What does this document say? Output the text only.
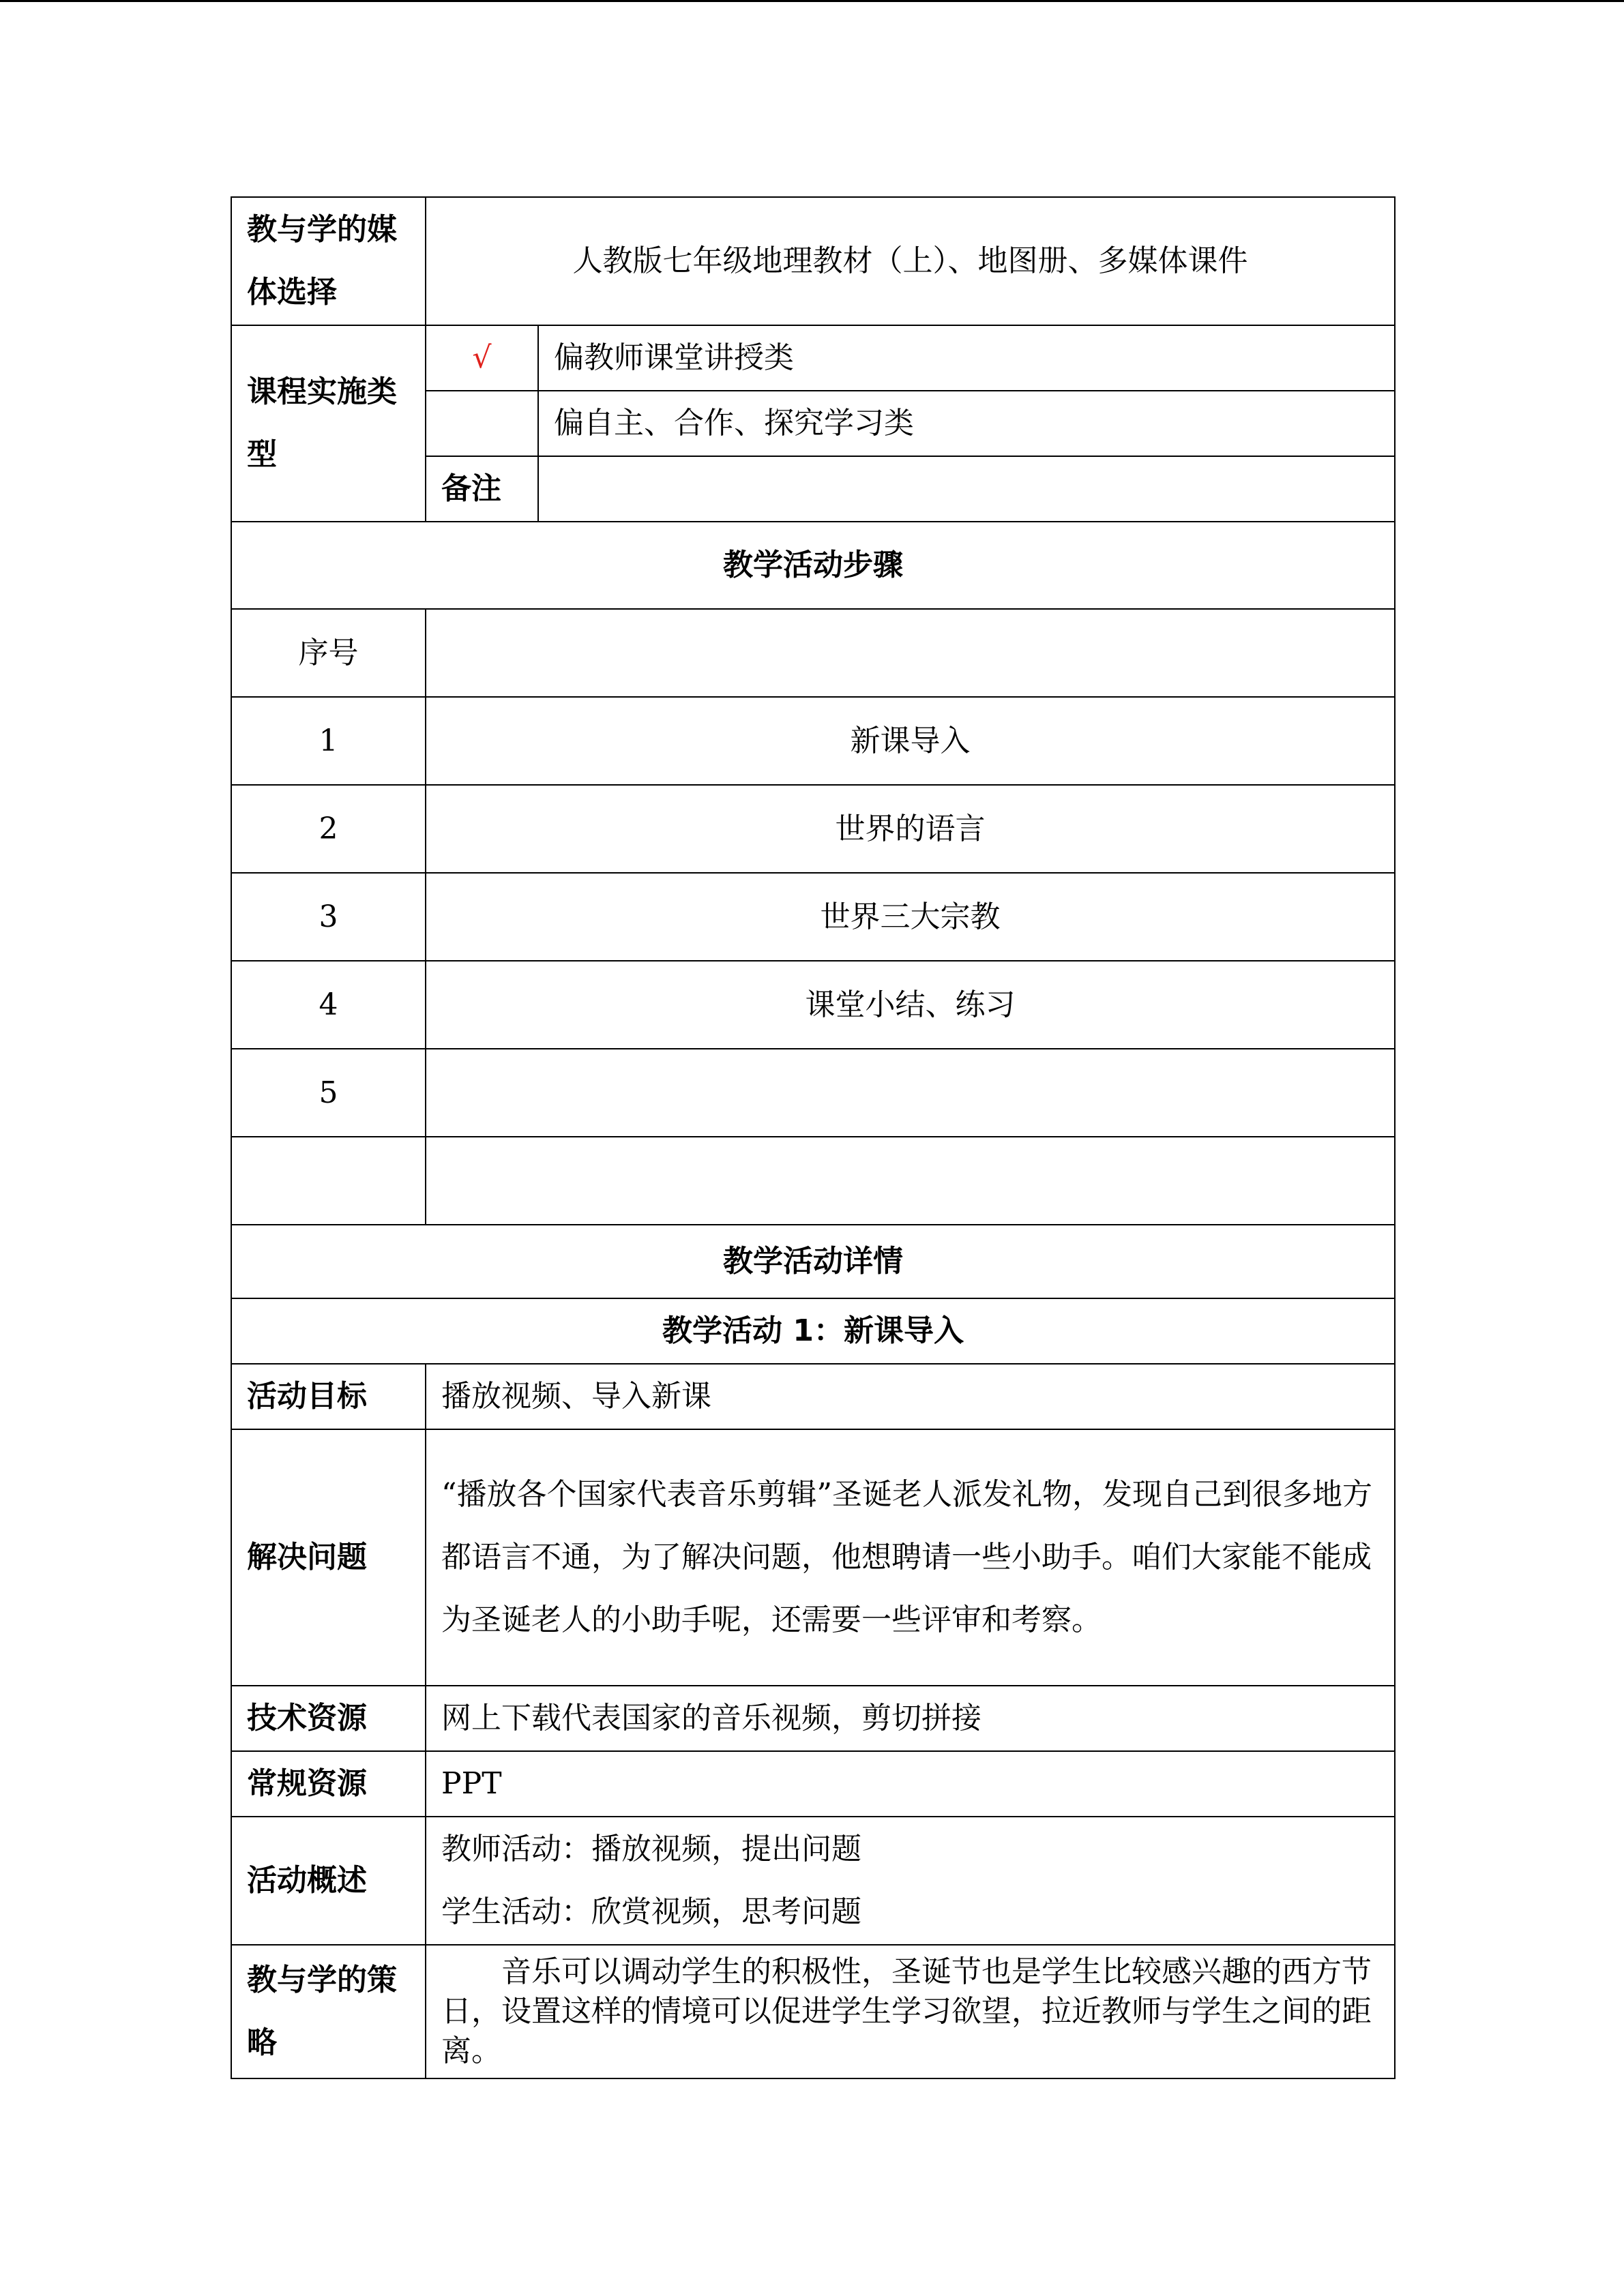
教与学的媒体选择	人教版七年级地理教材（上）、地图册、多媒体课件	
课程实施类型	√	偏教师课堂讲授类
		偏自主、合作、探究学习类
	备注	
教学活动步骤		
序号		
1	新课导入	
2	世界的语言	
3	世界三大宗教	
4	课堂小结、练习	
5		

教学活动详情		
教学活动 1：新课导入		
活动目标	播放视频、导入新课	
解决问题	“播放各个国家代表音乐剪辑”圣诞老人派发礼物，发现自己到很多地方都语言不通，为了解决问题，他想聘请一些小助手。咱们大家能不能成为圣诞老人的小助手呢，还需要一些评审和考察。	
技术资源	网上下载代表国家的音乐视频，剪切拼接	
常规资源	PPT	
活动概述	教师活动：播放视频，提出问题
学生活动：欣赏视频，思考问题	

教与学的策略	音乐可以调动学生的积极性，圣诞节也是学生比较感兴趣的西方节日，设置这样的情境可以促进学生学习欲望，拉近教师与学生之间的距离。	
